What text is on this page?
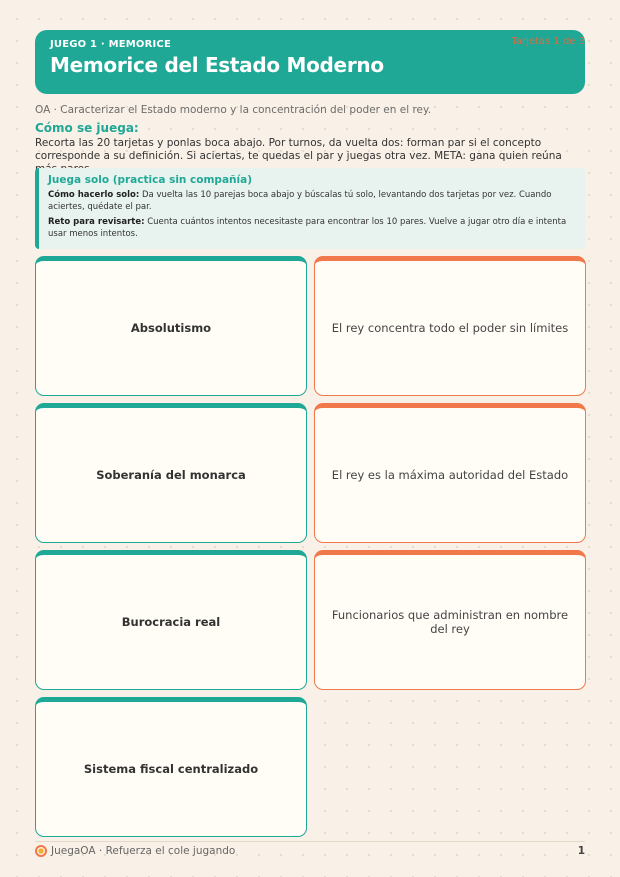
JUEGO 1 · MEMORICE
Memorice del Estado Moderno
Tarjetas 1 de 3
OA · Caracterizar el Estado moderno y la concentración del poder en el rey.
Cómo se juega:
Recorta las 20 tarjetas y ponlas boca abajo. Por turnos, da vuelta dos: forman par si el concepto corresponde a su definición. Si aciertas, te quedas el par y juegas otra vez. META: gana quien reúna
Juega solo (practica sin compañía)
Cómo hacerlo solo: Da vuelta las 10 parejas boca abajo y búscalas tú solo, levantando dos tarjetas por vez. Cuando aciertes, quédate el par.
Reto para revisarte: Cuenta cuántos intentos necesitaste para encontrar los 10 pares. Vuelve a jugar otro día e intenta usar menos intentos.
Absolutismo	El rey concentra todo el poder sin límites
Soberanía del monarca	El rey es la máxima autoridad del Estado
Burocracia real	Funcionarios que administran en nombre del rey
Sistema fiscal centralizado
JuegaOA · Refuerza el cole jugando	1
